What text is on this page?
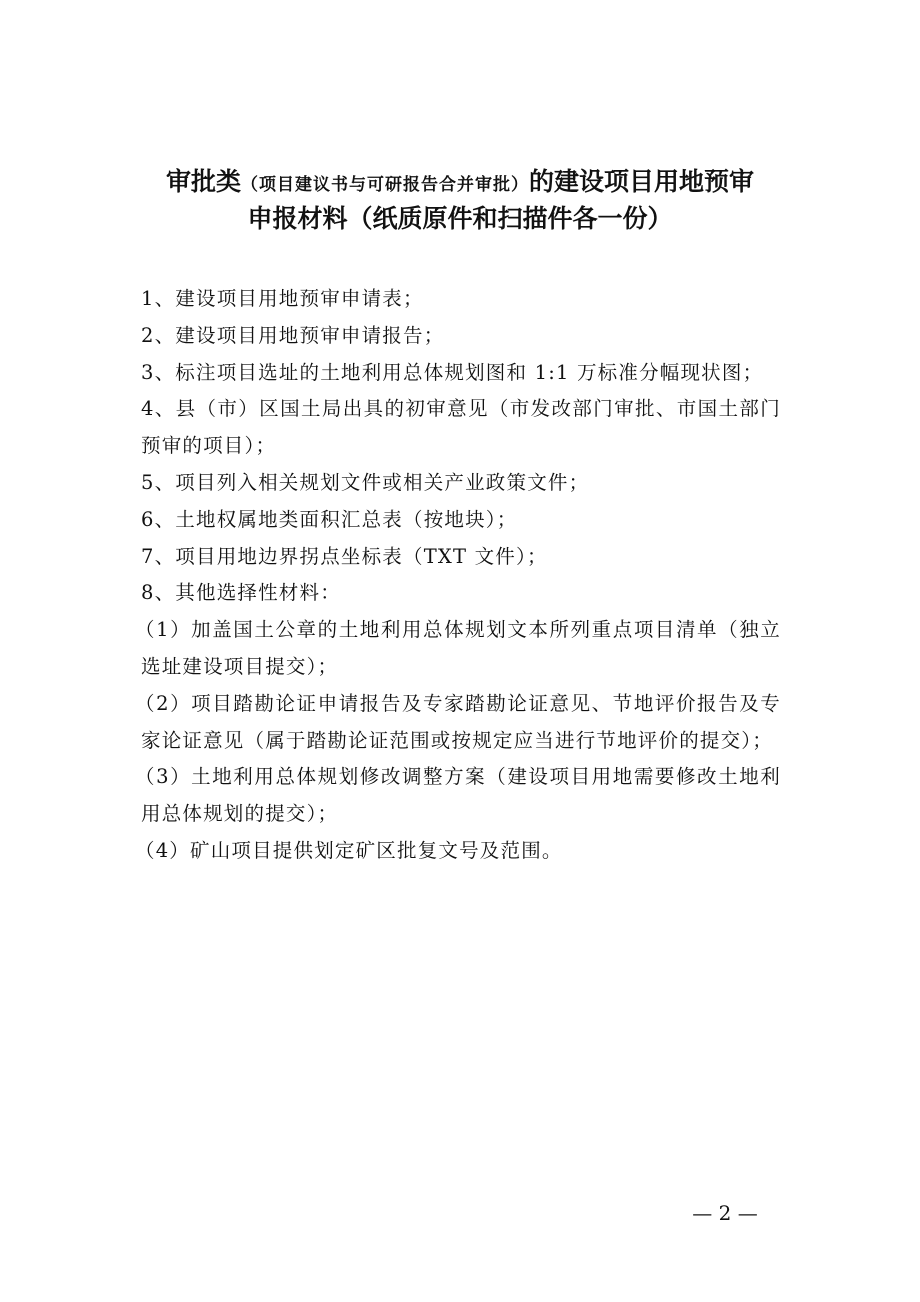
审批类（项目建议书与可研报告合并审批）的建设项目用地预审
申报材料（纸质原件和扫描件各一份）

1、建设项目用地预审申请表；

2、建设项目用地预审申请报告；

3、标注项目选址的土地利用总体规划图和 1:1 万标准分幅现状图；

4、县（市）区国土局出具的初审意见（市发改部门审批、市国土部门预审的项目）；

5、项目列入相关规划文件或相关产业政策文件；

6、土地权属地类面积汇总表（按地块）；

7、项目用地边界拐点坐标表（TXT 文件）；

8、其他选择性材料：

（1）加盖国土公章的土地利用总体规划文本所列重点项目清单（独立选址建设项目提交）；

（2）项目踏勘论证申请报告及专家踏勘论证意见、节地评价报告及专家论证意见（属于踏勘论证范围或按规定应当进行节地评价的提交）；

（3）土地利用总体规划修改调整方案（建设项目用地需要修改土地利用总体规划的提交）；

（4）矿山项目提供划定矿区批复文号及范围。

— 2 —
